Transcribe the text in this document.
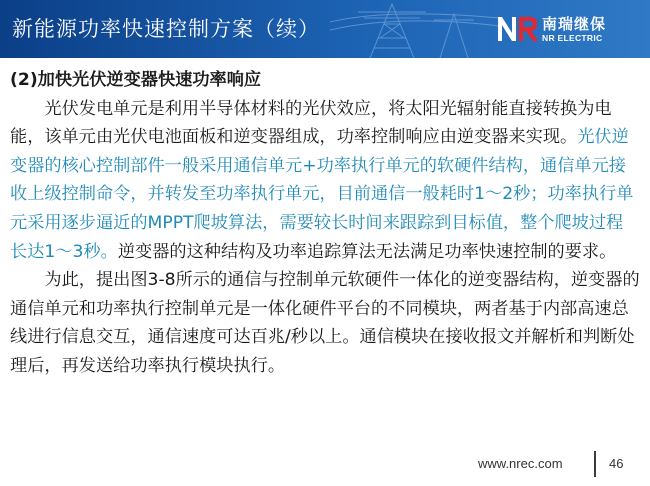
新能源功率快速控制方案（续）	南瑞继保
NR ELECTRIC

(2)加快光伏逆变器快速功率响应

光伏发电单元是利用半导体材料的光伏效应，将太阳光辐射能直接转换为电能，该单元由光伏电池面板和逆变器组成，功率控制响应由逆变器来实现。光伏逆变器的核心控制部件一般采用通信单元+功率执行单元的软硬件结构，通信单元接收上级控制命令，并转发至功率执行单元，目前通信一般耗时1～2秒；功率执行单元采用逐步逼近的MPPT爬坡算法，需要较长时间来跟踪到目标值，整个爬坡过程长达1～3秒。逆变器的这种结构及功率追踪算法无法满足功率快速控制的要求。

为此，提出图3-8所示的通信与控制单元软硬件一体化的逆变器结构，逆变器的通信单元和功率执行控制单元是一体化硬件平台的不同模块，两者基于内部高速总线进行信息交互，通信速度可达百兆/秒以上。通信模块在接收报文并解析和判断处理后，再发送给功率执行模块执行。

www.nrec.com	46
